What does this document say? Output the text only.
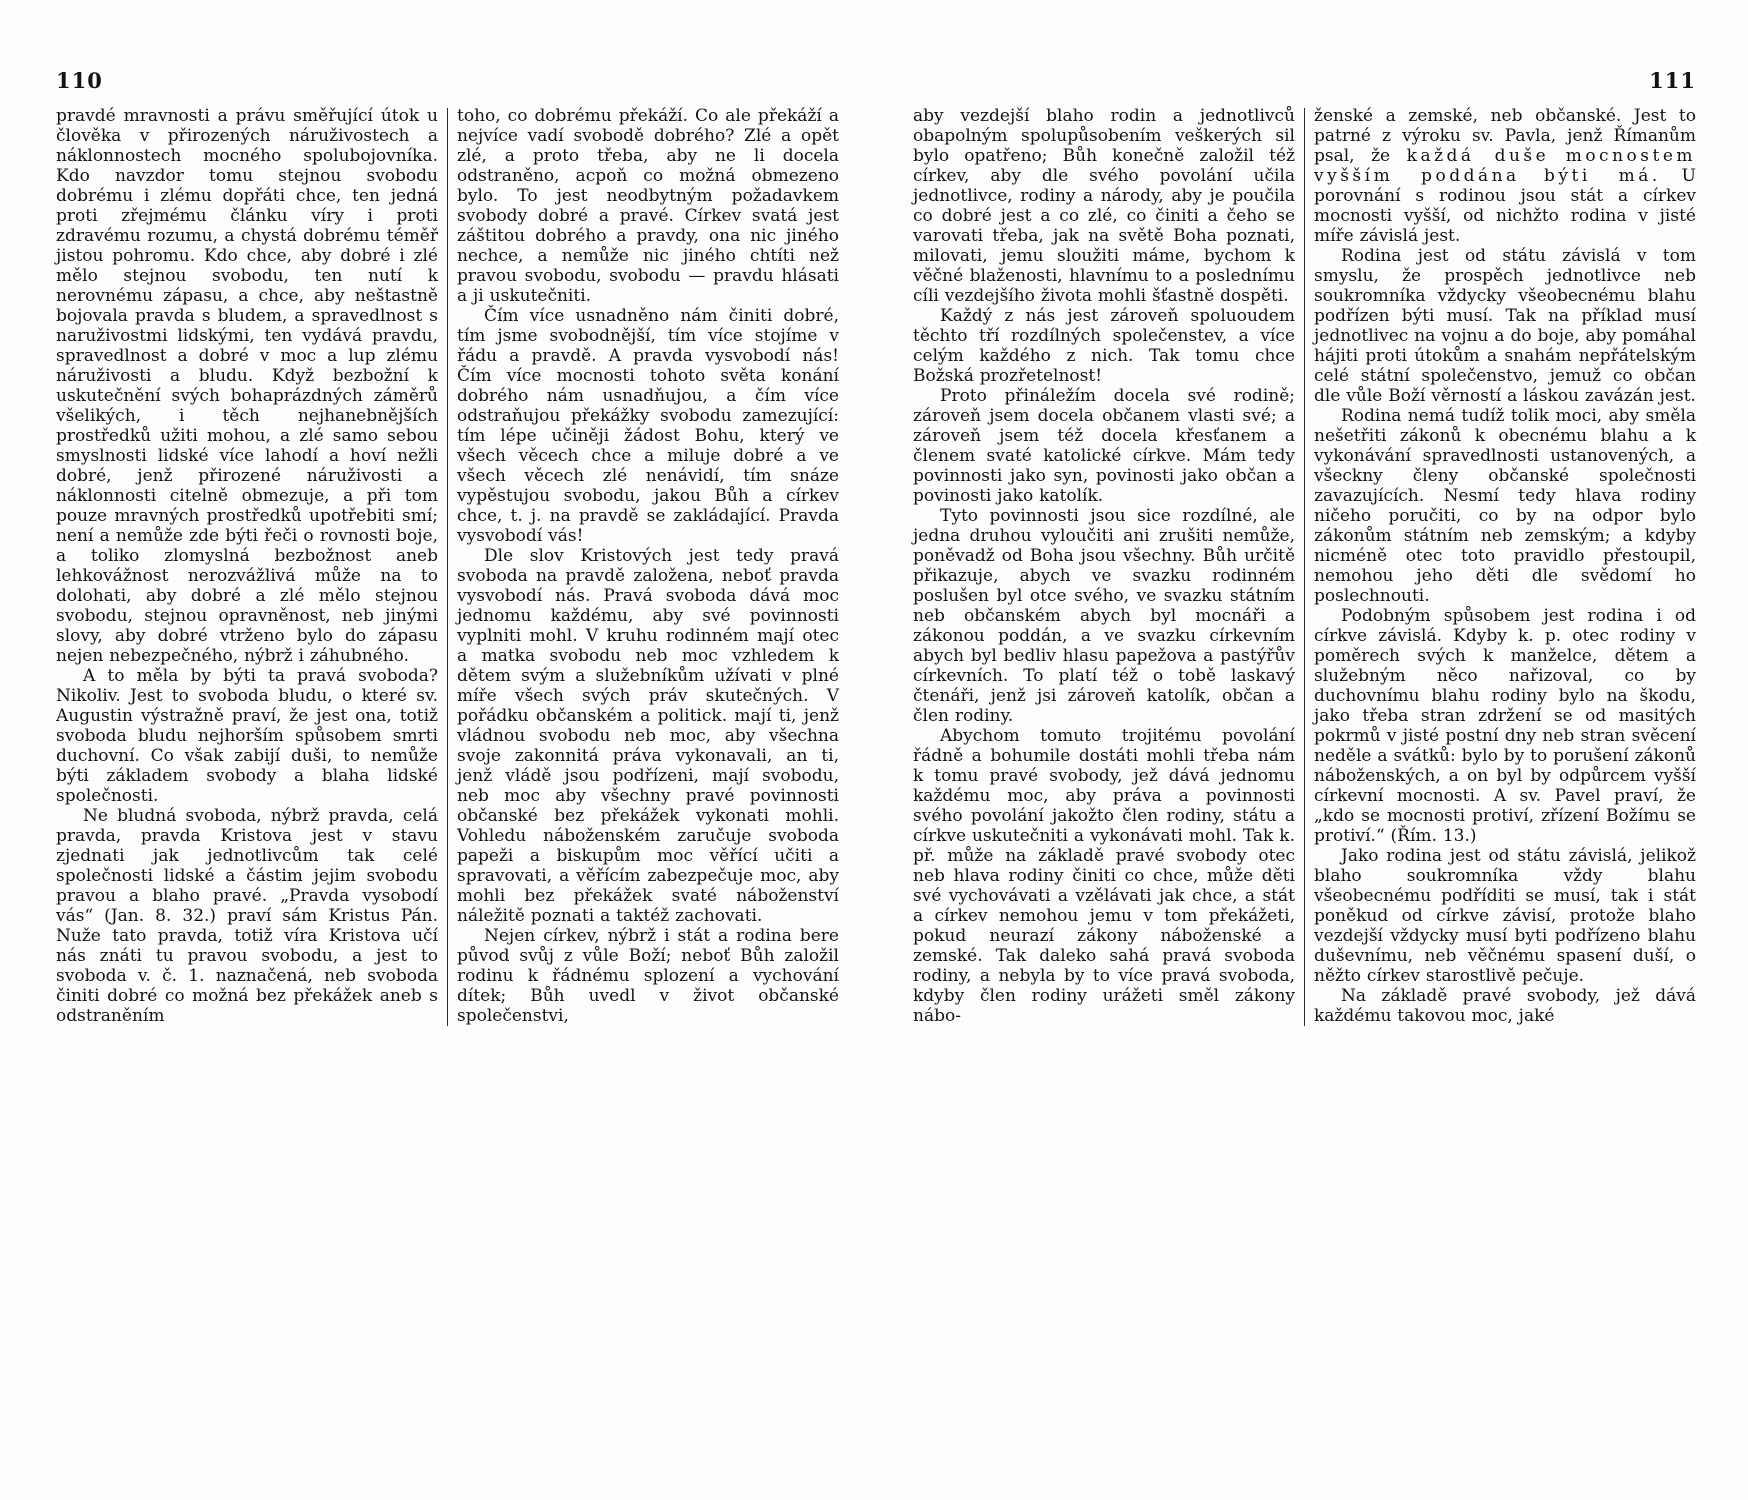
110

pravdé mravnosti a právu směřující útok u člověka v přirozených náruživostech a náklonnostech mocného spolubojovníka. Kdo navzdor tomu stejnou svobodu dobrému i zlému dopřáti chce, ten jedná proti zřejmému článku víry i proti zdravému rozumu, a chystá dobrému téměř jistou pohromu. Kdo chce, aby dobré i zlé mělo stejnou svobodu, ten nutí k nerovnému zápasu, a chce, aby neštastně bojovala pravda s bludem, a spravedlnost s naruživostmi lidskými, ten vydává pravdu, spravedlnost a dobré v moc a lup zlému náruživosti a bludu. Když bezbožní k uskutečnění svých bohaprázdných záměrů všelikých, i těch nejhanebnějších prostředků užiti mohou, a zlé samo sebou smyslnosti lidské více lahodí a hoví nežli dobré, jenž přirozené náruživosti a náklonnosti citelně obmezuje, a při tom pouze mravných prostředků upotřebiti smí; není a nemůže zde býti řeči o rovnosti boje, a toliko zlomyslná bezbožnost aneb lehkovážnost nerozvážlivá může na to dolohati, aby dobré a zlé mělo stejnou svobodu, stejnou opravněnost, neb jinými slovy, aby dobré vtrženo bylo do zápasu nejen nebezpečného, nýbrž i záhubného.

A to měla by býti ta pravá svoboda? Nikoliv. Jest to svoboda bludu, o které sv. Augustin výstražně praví, že jest ona, totiž svoboda bludu nejhorším spůsobem smrti duchovní. Co však zabijí duši, to nemůže býti základem svobody a blaha lidské společnosti.

Ne bludná svoboda, nýbrž pravda, celá pravda, pravda Kristova jest v stavu zjednati jak jednotlivcům tak celé společnosti lidské a částim jejim svobodu pravou a blaho pravé. „Pravda vysobodí vás“ (Jan. 8. 32.) praví sám Kristus Pán. Nuže tato pravda, totiž víra Kristova učí nás znáti tu pravou svobodu, a jest to svoboda v. č. 1. naznačená, neb svoboda činiti dobré co možná bez překážek aneb s odstraněním

toho, co dobrému překáží. Co ale překáží a nejvíce vadí svobodě dobrého? Zlé a opět zlé, a proto třeba, aby ne li docela odstraněno, acpoň co možná obmezeno bylo. To jest neodbytným požadavkem svobody dobré a pravé. Církev svatá jest záštitou dobrého a pravdy, ona nic jiného nechce, a nemůže nic jiného chtíti než pravou svobodu, svobodu — pravdu hlásati a ji uskutečniti.

Čím více usnadněno nám činiti dobré, tím jsme svobodnější, tím více stojíme v řádu a pravdě. A pravda vysvobodí nás! Čím více mocnosti tohoto světa konání dobrého nám usnadňujou, a čím více odstraňujou překážky svobodu zamezující: tím lépe učiněji žádost Bohu, který ve všech věcech chce a miluje dobré a ve všech věcech zlé nenávidí, tím snáze vypěstujou svobodu, jakou Bůh a církev chce, t. j. na pravdě se zakládající. Pravda vysvobodí vás!

Dle slov Kristových jest tedy pravá svoboda na pravdě založena, neboť pravda vysvobodí nás. Pravá svoboda dává moc jednomu každému, aby své povinnosti vyplniti mohl. V kruhu rodinném mají otec a matka svobodu neb moc vzhledem k dětem svým a služebníkům užívati v plné míře všech svých práv skutečných. V pořádku občanském a politick. mají ti, jenž vládnou svobodu neb moc, aby všechna svoje zakonnitá práva vykonavali, an ti, jenž vládě jsou podřízeni, mají svobodu, neb moc aby všechny pravé povinnosti občanské bez překážek vykonati mohli. Vohledu náboženském zaručuje svoboda papeži a biskupům moc věřící učiti a spravovati, a věřícím zabezpečuje moc, aby mohli bez překážek svaté náboženství náležitě poznati a taktéž zachovati.

Nejen církev, nýbrž i stát a rodina bere původ svůj z vůle Boží; neboť Bůh založil rodinu k řádnému splození a vychování dítek; Bůh uvedl v život občanské společenstvi,

111

aby vezdejší blaho rodin a jednotlivců obapolným spolupůsobením veškerých sil bylo opatřeno; Bůh konečně založil též církev, aby dle svého povolání učila jednotlivce, rodiny a národy, aby je poučila co dobré jest a co zlé, co činiti a čeho se varovati třeba, jak na světě Boha poznati, milovati, jemu sloužiti máme, bychom k věčné blaženosti, hlavnímu to a poslednímu cíli vezdejšího života mohli šťastně dospěti.

Každý z nás jest zároveň spoluoudem těchto tří rozdílných společenstev, a více celým každého z nich. Tak tomu chce Božská prozřetelnost!

Proto přináležím docela své rodině; zároveň jsem docela občanem vlasti své; a zároveň jsem též docela křesťanem a členem svaté katolické církve. Mám tedy povinnosti jako syn, povinosti jako občan a povinosti jako katolík.

Tyto povinnosti jsou sice rozdílné, ale jedna druhou vyloučiti ani zrušiti nemůže, poněvadž od Boha jsou všechny. Bůh určitě přikazuje, abych ve svazku rodinném poslušen byl otce svého, ve svazku státním neb občanském abych byl mocnáři a zákonou poddán, a ve svazku církevním abych byl bedliv hlasu papežova a pastýřův církevních. To platí též o tobě laskavý čtenáři, jenž jsi zároveň katolík, občan a člen rodiny.

Abychom tomuto trojitému povolání řádně a bohumile dostáti mohli třeba nám k tomu pravé svobody, jež dává jednomu každému moc, aby práva a povinnosti svého povolání jakožto člen rodiny, státu a církve uskutečniti a vykonávati mohl. Tak k. př. může na základě pravé svobody otec neb hlava rodiny činiti co chce, může děti své vychovávati a vzělávati jak chce, a stát a církev nemohou jemu v tom překážeti, pokud neurazí zákony náboženské a zemské. Tak daleko sahá pravá svoboda rodiny, a nebyla by to více pravá svoboda, kdyby člen rodiny urážeti směl zákony nábo-

ženské a zemské, neb občanské. Jest to patrné z výroku sv. Pavla, jenž Římanům psal, že každá duše mocnostem vyšším poddána býti má. U porovnání s rodinou jsou stát a církev mocnosti vyšší, od nichžto rodina v jisté míře závislá jest.

Rodina jest od státu závislá v tom smyslu, že prospěch jednotlivce neb soukromníka vždycky všeobecnému blahu podřízen býti musí. Tak na příklad musí jednotlivec na vojnu a do boje, aby pomáhal hájiti proti útokům a snahám nepřátelským celé státní společenstvo, jemuž co občan dle vůle Boží věrností a láskou zavázán jest.

Rodina nemá tudíž tolik moci, aby směla nešetřiti zákonů k obecnému blahu a k vykonávání spravedlnosti ustanovených, a všeckny členy občanské společnosti zavazujících. Nesmí tedy hlava rodiny ničeho poručiti, co by na odpor bylo zákonům státním neb zemským; a kdyby nicméně otec toto pravidlo přestoupil, nemohou jeho děti dle svědomí ho poslechnouti.

Podobným spůsobem jest rodina i od církve závislá. Kdyby k. p. otec rodiny v poměrech svých k manželce, dětem a služebným něco nařizoval, co by duchovnímu blahu rodiny bylo na škodu, jako třeba stran zdržení se od masitých pokrmů v jisté postní dny neb stran svěcení neděle a svátků: bylo by to porušení zákonů náboženských, a on byl by odpůrcem vyšší církevní mocnosti. A sv. Pavel praví, že „kdo se mocnosti protiví, zřízení Božímu se protiví.“ (Řím. 13.)

Jako rodina jest od státu závislá, jelikož blaho soukromníka vždy blahu všeobecnému podříditi se musí, tak i stát poněkud od církve závisí, protože blaho vezdejší vždycky musí byti podřízeno blahu duševnímu, neb věčnému spasení duší, o něžto církev starostlivě pečuje.

Na základě pravé svobody, jež dává každému takovou moc, jaké
